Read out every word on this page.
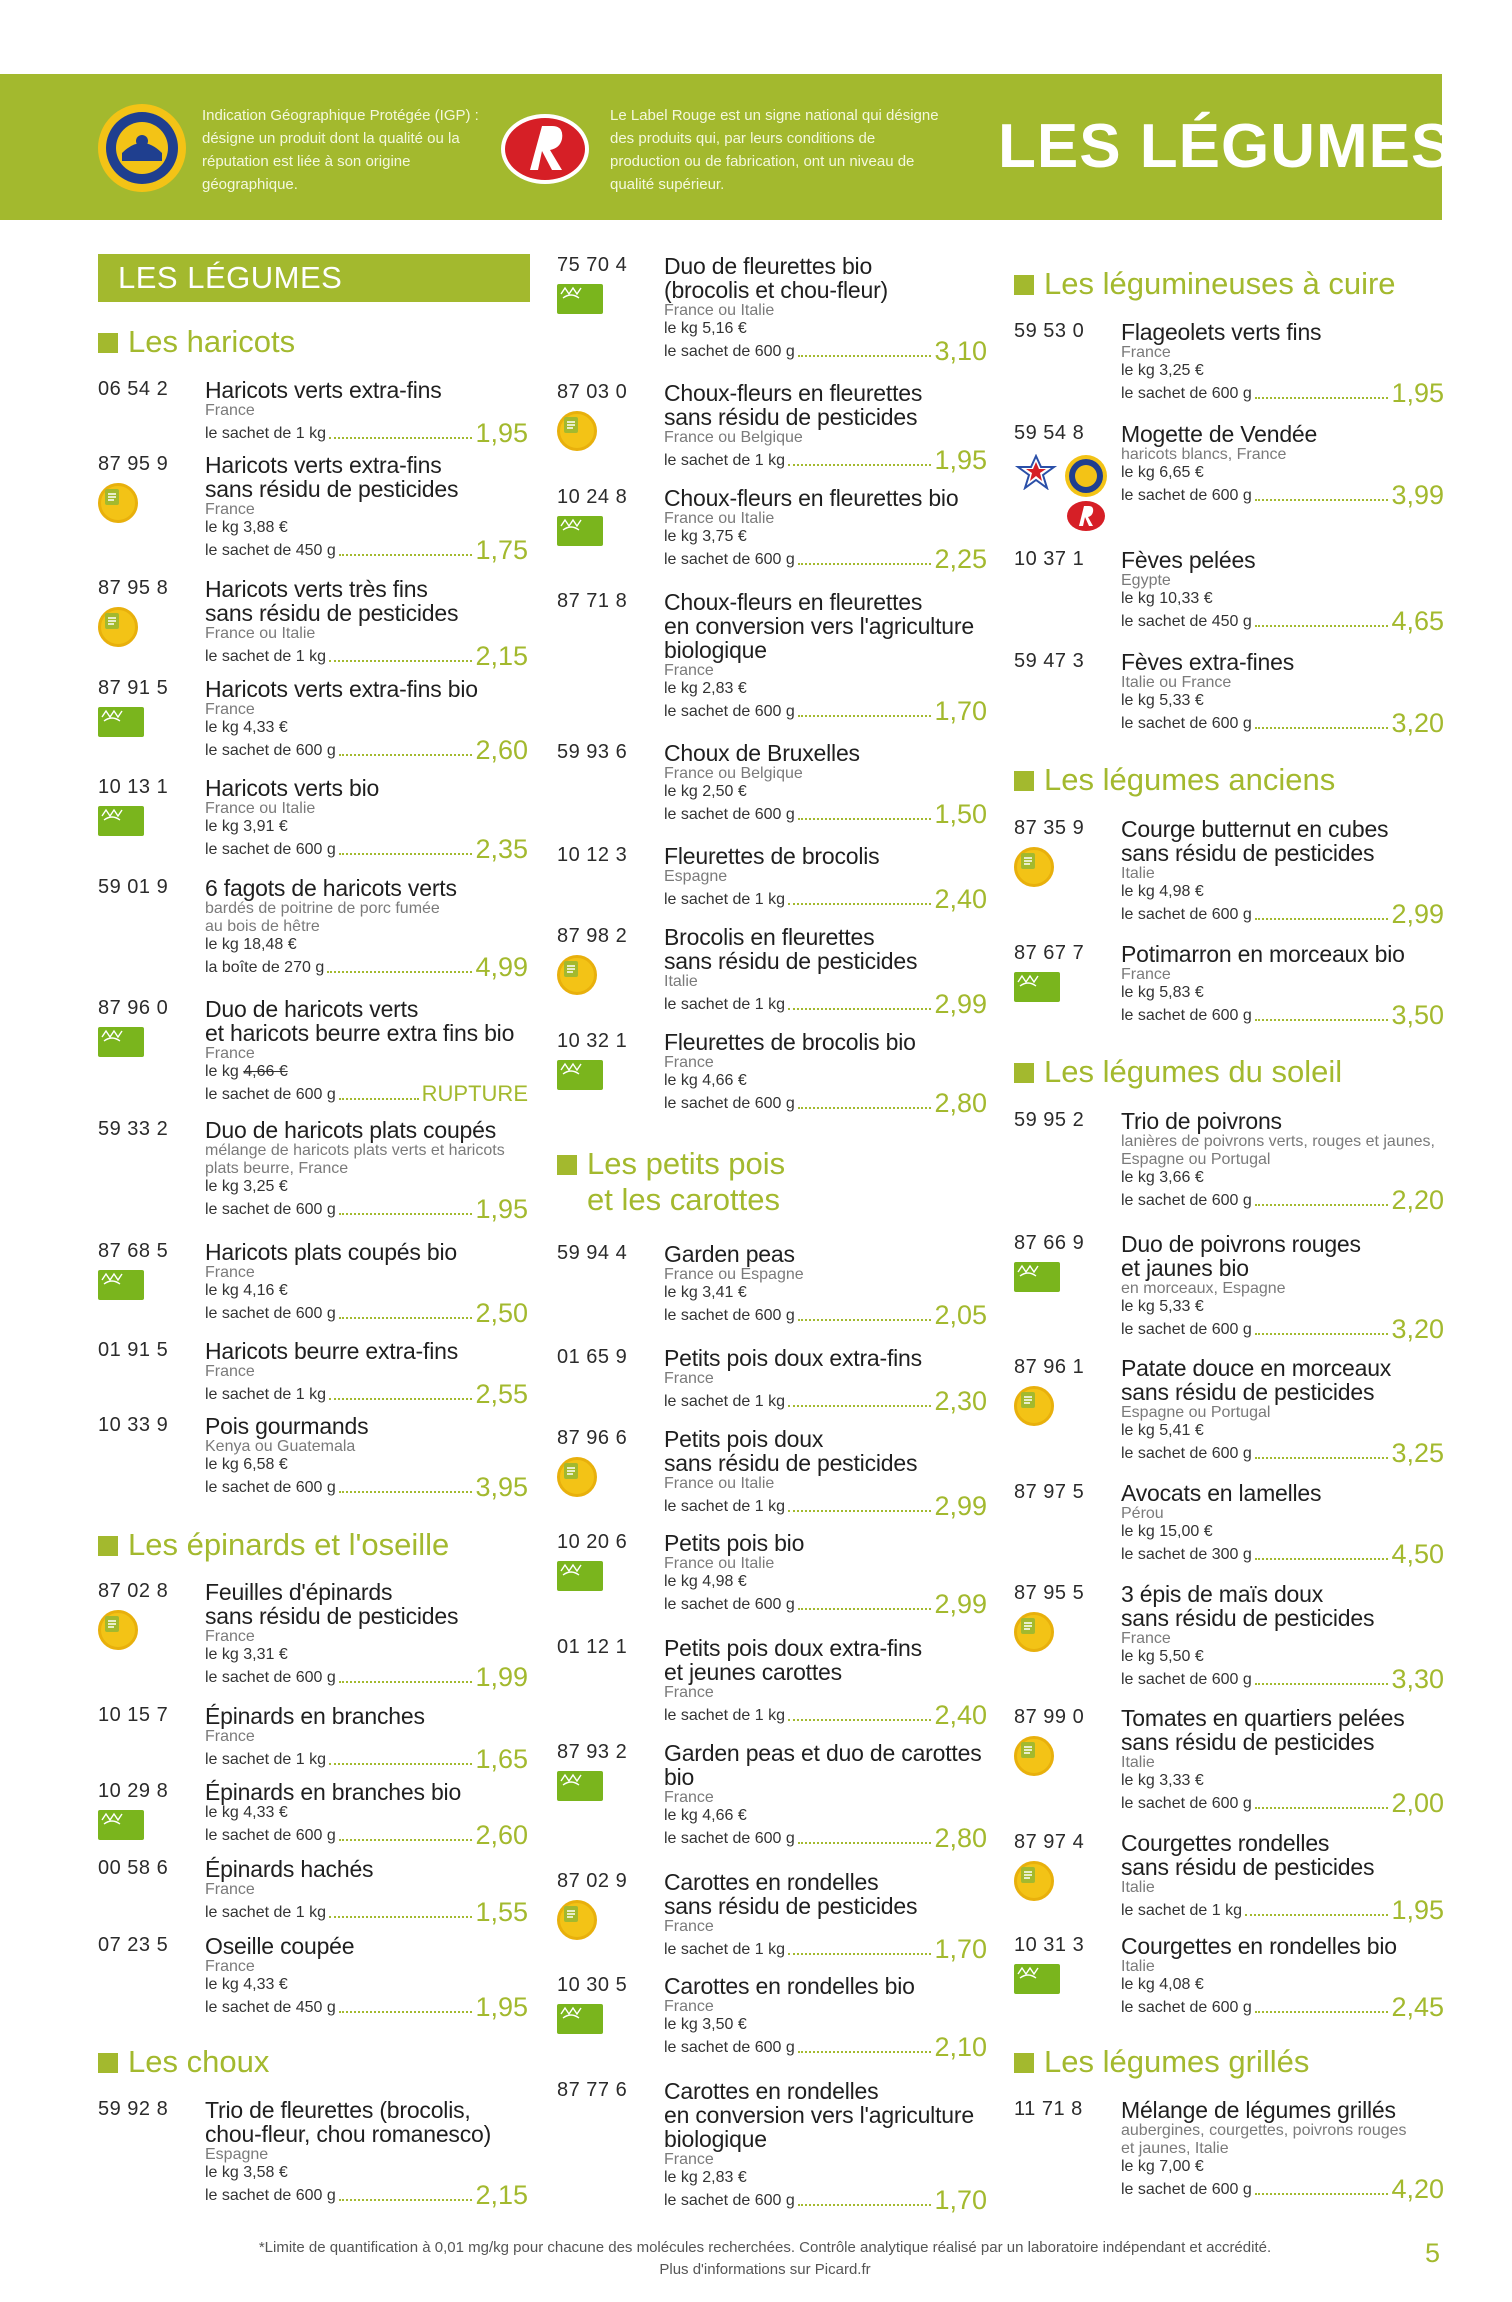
Indication Géographique Protégée (IGP) : désigne un produit dont la qualité ou la réputation est liée à son origine géographique.
Le Label Rouge est un signe national qui désigne des produits qui, par leurs conditions de production ou de fabrication, ont un niveau de qualité supérieur.
LES LÉGUMES
LES LÉGUMES
Les haricots
06 54 2 Haricots verts extra-fins
France
le sachet de 1 kg	1,95
87 95 9 Haricots verts extra-fins
sans résidu de pesticides
France
le kg 3,88 €
le sachet de 450 g	1,75
87 95 8 Haricots verts très fins
sans résidu de pesticides
France ou Italie
le sachet de 1 kg	2,15
87 91 5 Haricots verts extra-fins bio
France
le kg 4,33 €
le sachet de 600 g	2,60
10 13 1 Haricots verts bio
France ou Italie
le kg 3,91 €
le sachet de 600 g	2,35
59 01 9 6 fagots de haricots verts
bardés de poitrine de porc fumée
au bois de hêtre
le kg 18,48 €
la boîte de 270 g	4,99
87 96 0 Duo de haricots verts
et haricots beurre extra fins bio
France
le kg 4,66 €
le sachet de 600 g	RUPTURE
59 33 2 Duo de haricots plats coupés
mélange de haricots plats verts et haricots
plats beurre, France
le kg 3,25 €
le sachet de 600 g	1,95
87 68 5 Haricots plats coupés bio
France
le kg 4,16 €
le sachet de 600 g	2,50
01 91 5 Haricots beurre extra-fins
France
le sachet de 1 kg	2,55
10 33 9 Pois gourmands
Kenya ou Guatemala
le kg 6,58 €
le sachet de 600 g	3,95
Les épinards et l'oseille
87 02 8 Feuilles d'épinards
sans résidu de pesticides
France
le kg 3,31 €
le sachet de 600 g	1,99
10 15 7 Épinards en branches
France
le sachet de 1 kg	1,65
10 29 8 Épinards en branches bio
le kg 4,33 €
le sachet de 600 g	2,60
00 58 6 Épinards hachés
France
le sachet de 1 kg	1,55
07 23 5 Oseille coupée
France
le kg 4,33 €
le sachet de 450 g	1,95
Les choux
59 92 8 Trio de fleurettes (brocolis,
chou-fleur, chou romanesco)
Espagne
le kg 3,58 €
le sachet de 600 g	2,15
75 70 4 Duo de fleurettes bio
(brocolis et chou-fleur)
France ou Italie
le kg 5,16 €
le sachet de 600 g	3,10
87 03 0 Choux-fleurs en fleurettes
sans résidu de pesticides
France ou Belgique
le sachet de 1 kg	1,95
10 24 8 Choux-fleurs en fleurettes bio
France ou Italie
le kg 3,75 €
le sachet de 600 g	2,25
87 71 8 Choux-fleurs en fleurettes
en conversion vers l'agriculture
biologique
France
le kg 2,83 €
le sachet de 600 g	1,70
59 93 6 Choux de Bruxelles
France ou Belgique
le kg 2,50 €
le sachet de 600 g	1,50
10 12 3 Fleurettes de brocolis
Espagne
le sachet de 1 kg	2,40
87 98 2 Brocolis en fleurettes
sans résidu de pesticides
Italie
le sachet de 1 kg	2,99
10 32 1 Fleurettes de brocolis bio
France
le kg 4,66 €
le sachet de 600 g	2,80
Les petits pois
et les carottes
59 94 4 Garden peas
France ou Espagne
le kg 3,41 €
le sachet de 600 g	2,05
01 65 9 Petits pois doux extra-fins
France
le sachet de 1 kg	2,30
87 96 6 Petits pois doux
sans résidu de pesticides
France ou Italie
le sachet de 1 kg	2,99
10 20 6 Petits pois bio
France ou Italie
le kg 4,98 €
le sachet de 600 g	2,99
01 12 1 Petits pois doux extra-fins
et jeunes carottes
France
le sachet de 1 kg	2,40
87 93 2 Garden peas et duo de carottes
bio
France
le kg 4,66 €
le sachet de 600 g	2,80
87 02 9 Carottes en rondelles
sans résidu de pesticides
France
le sachet de 1 kg	1,70
10 30 5 Carottes en rondelles bio
France
le kg 3,50 €
le sachet de 600 g	2,10
87 77 6 Carottes en rondelles
en conversion vers l'agriculture
biologique
France
le kg 2,83 €
le sachet de 600 g	1,70
Les légumineuses à cuire
59 53 0 Flageolets verts fins
France
le kg 3,25 €
le sachet de 600 g	1,95
59 54 8 Mogette de Vendée
haricots blancs, France
le kg 6,65 €
le sachet de 600 g	3,99
10 37 1 Fèves pelées
Egypte
le kg 10,33 €
le sachet de 450 g	4,65
59 47 3 Fèves extra-fines
Italie ou France
le kg 5,33 €
le sachet de 600 g	3,20
Les légumes anciens
87 35 9 Courge butternut en cubes
sans résidu de pesticides
Italie
le kg 4,98 €
le sachet de 600 g	2,99
87 67 7 Potimarron en morceaux bio
France
le kg 5,83 €
le sachet de 600 g	3,50
Les légumes du soleil
59 95 2 Trio de poivrons
lanières de poivrons verts, rouges et jaunes,
Espagne ou Portugal
le kg 3,66 €
le sachet de 600 g	2,20
87 66 9 Duo de poivrons rouges
et jaunes bio
en morceaux, Espagne
le kg 5,33 €
le sachet de 600 g	3,20
87 96 1 Patate douce en morceaux
sans résidu de pesticides
Espagne ou Portugal
le kg 5,41 €
le sachet de 600 g	3,25
87 97 5 Avocats en lamelles
Pérou
le kg 15,00 €
le sachet de 300 g	4,50
87 95 5 3 épis de maïs doux
sans résidu de pesticides
France
le kg 5,50 €
le sachet de 600 g	3,30
87 99 0 Tomates en quartiers pelées
sans résidu de pesticides
Italie
le kg 3,33 €
le sachet de 600 g	2,00
87 97 4 Courgettes rondelles
sans résidu de pesticides
Italie
le sachet de 1 kg	1,95
10 31 3 Courgettes en rondelles bio
Italie
le kg 4,08 €
le sachet de 600 g	2,45
Les légumes grillés
11 71 8 Mélange de légumes grillés
aubergines, courgettes, poivrons rouges
et jaunes, Italie
le kg 7,00 €
le sachet de 600 g	4,20
*Limite de quantification à 0,01 mg/kg pour chacune des molécules recherchées. Contrôle analytique réalisé par un laboratoire indépendant et accrédité.
Plus d'informations sur Picard.fr
5
